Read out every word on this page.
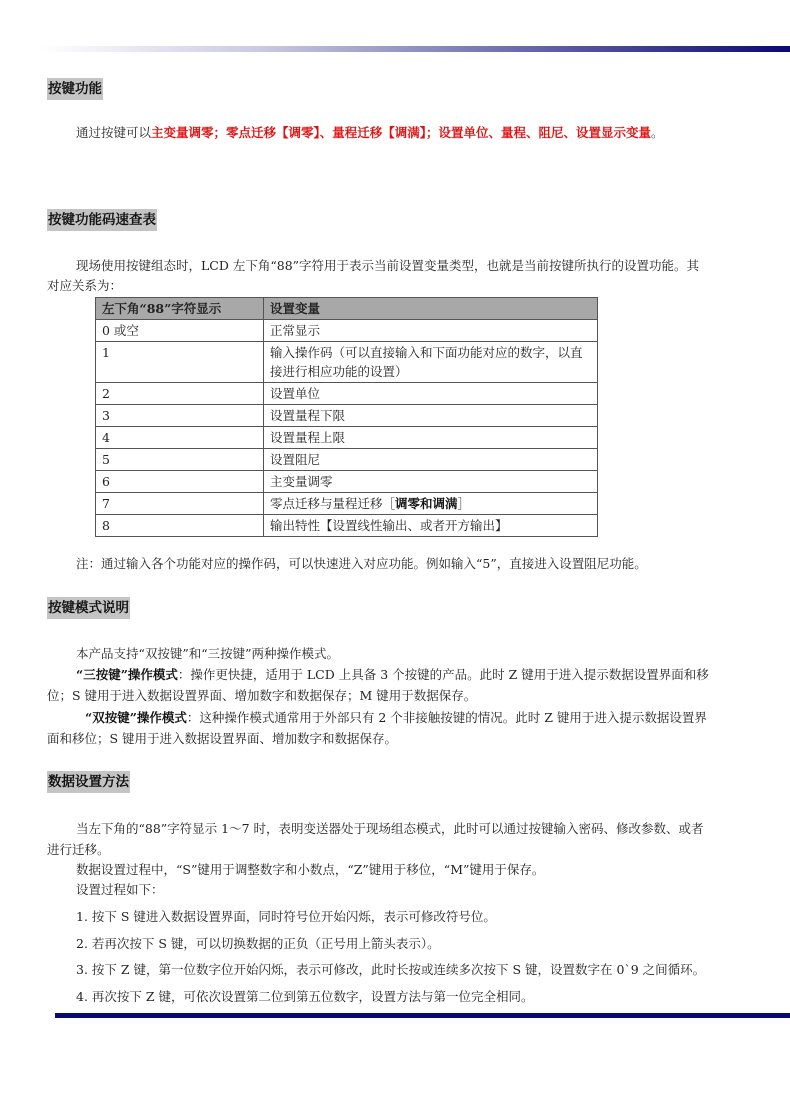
按键功能
通过按键可以主变量调零；零点迁移【调零】、量程迁移【调满】；设置单位、量程、阻尼、设置显示变量。
按键功能码速查表
现场使用按键组态时，LCD 左下角“88”字符用于表示当前设置变量类型，也就是当前按键所执行的设置功能。其
对应关系为：
左下角“88”字符显示	设置变量
0 或空	正常显示
1	输入操作码（可以直接输入和下面功能对应的数字，以直接进行相应功能的设置）
2	设置单位
3	设置量程下限
4	设置量程上限
5	设置阻尼
6	主变量调零
7	零点迁移与量程迁移［调零和调满］
8	输出特性【设置线性输出、或者开方输出】
注：通过输入各个功能对应的操作码，可以快速进入对应功能。例如输入“5”，直接进入设置阻尼功能。
按键模式说明
本产品支持“双按键”和“三按键”两种操作模式。
“三按键”操作模式：操作更快捷，适用于 LCD 上具备 3 个按键的产品。此时 Z 键用于进入提示数据设置界面和移
位；S 键用于进入数据设置界面、增加数字和数据保存；M 键用于数据保存。
“双按键”操作模式：这种操作模式通常用于外部只有 2 个非接触按键的情况。此时 Z 键用于进入提示数据设置界
面和移位；S 键用于进入数据设置界面、增加数字和数据保存。
数据设置方法
当左下角的“88”字符显示 1～7 时，表明变送器处于现场组态模式，此时可以通过按键输入密码、修改参数、或者
进行迁移。
数据设置过程中，“S”键用于调整数字和小数点，“Z”键用于移位，“M”键用于保存。
设置过程如下：
1. 按下 S 键进入数据设置界面，同时符号位开始闪烁，表示可修改符号位。
2. 若再次按下 S 键，可以切换数据的正负（正号用上箭头表示）。
3. 按下 Z 键，第一位数字位开始闪烁，表示可修改，此时长按或连续多次按下 S 键，设置数字在 0`9 之间循环。
4. 再次按下 Z 键，可依次设置第二位到第五位数字，设置方法与第一位完全相同。
